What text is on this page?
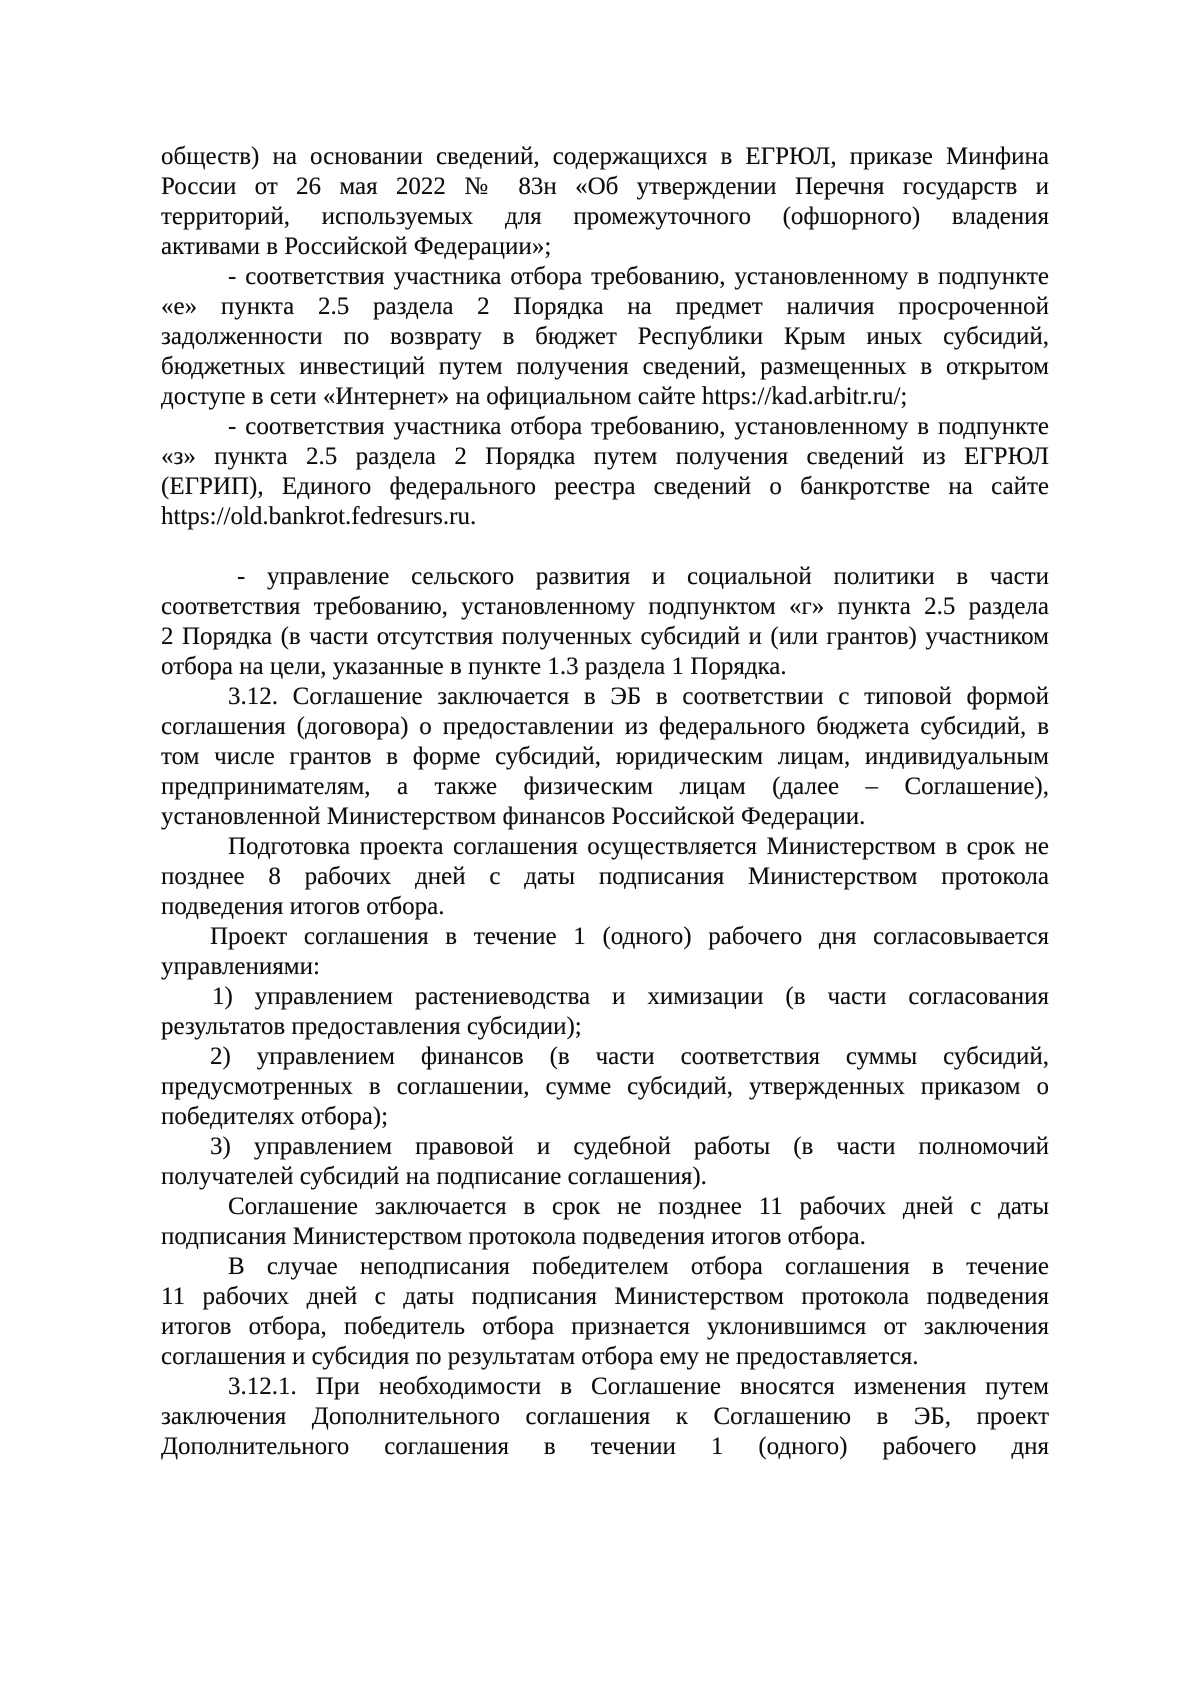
обществ) на основании сведений, содержащихся в ЕГРЮЛ, приказе Минфина
России от 26 мая 2022 № 83н «Об утверждении Перечня государств и
территорий, используемых для промежуточного (офшорного) владения
активами в Российской Федерации»;
- соответствия участника отбора требованию, установленному в подпункте
«е» пункта 2.5 раздела 2 Порядка на предмет наличия просроченной
задолженности по возврату в бюджет Республики Крым иных субсидий,
бюджетных инвестиций путем получения сведений, размещенных в открытом
доступе в сети «Интернет» на официальном сайте https://kad.arbitr.ru/;
- соответствия участника отбора требованию, установленному в подпункте
«з» пункта 2.5 раздела 2 Порядка путем получения сведений из ЕГРЮЛ
(ЕГРИП), Единого федерального реестра сведений о банкротстве на сайте
https://old.bankrot.fedresurs.ru.
- управление сельского развития и социальной политики в части
соответствия требованию, установленному подпунктом «г» пункта 2.5 раздела
2 Порядка (в части отсутствия полученных субсидий и (или грантов) участником
отбора на цели, указанные в пункте 1.3 раздела 1 Порядка.
3.12. Соглашение заключается в ЭБ в соответствии с типовой формой
соглашения (договора) о предоставлении из федерального бюджета субсидий, в
том числе грантов в форме субсидий, юридическим лицам, индивидуальным
предпринимателям, а также физическим лицам (далее – Соглашение),
установленной Министерством финансов Российской Федерации.
Подготовка проекта соглашения осуществляется Министерством в срок не
позднее 8 рабочих дней с даты подписания Министерством протокола
подведения итогов отбора.
Проект соглашения в течение 1 (одного) рабочего дня согласовывается
управлениями:
1) управлением растениеводства и химизации (в части согласования
результатов предоставления субсидии);
2) управлением финансов (в части соответствия суммы субсидий,
предусмотренных в соглашении, сумме субсидий, утвержденных приказом о
победителях отбора);
3) управлением правовой и судебной работы (в части полномочий
получателей субсидий на подписание соглашения).
Соглашение заключается в срок не позднее 11 рабочих дней с даты
подписания Министерством протокола подведения итогов отбора.
В случае неподписания победителем отбора соглашения в течение
11 рабочих дней с даты подписания Министерством протокола подведения
итогов отбора, победитель отбора признается уклонившимся от заключения
соглашения и субсидия по результатам отбора ему не предоставляется.
3.12.1. При необходимости в Соглашение вносятся изменения путем
заключения Дополнительного соглашения к Соглашению в ЭБ, проект
Дополнительного соглашения в течении 1 (одного) рабочего дня
